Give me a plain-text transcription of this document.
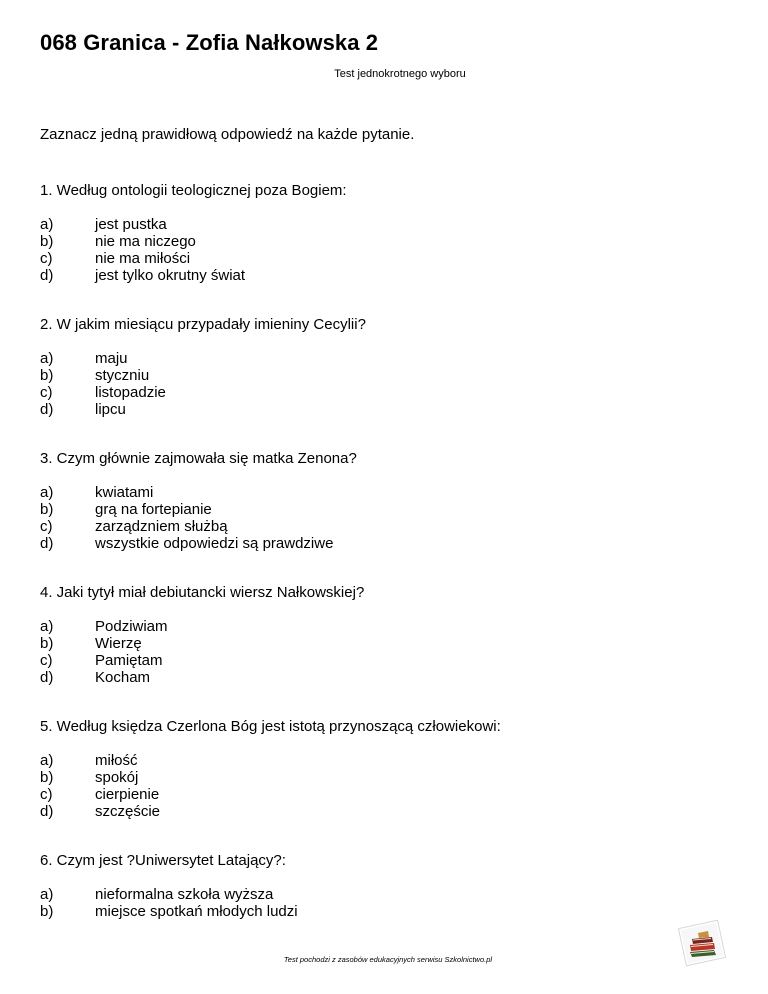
068 Granica - Zofia Nałkowska 2
Test jednokrotnego wyboru
Zaznacz jedną prawidłową odpowiedź na każde pytanie.
1. Według ontologii teologicznej poza Bogiem:
a)	jest pustka
b)	nie ma niczego
c)	nie ma miłości
d)	jest tylko okrutny świat
2. W jakim miesiącu przypadały imieniny Cecylii?
a)	maju
b)	styczniu
c)	listopadzie
d)	lipcu
3. Czym głównie zajmowała się matka Zenona?
a)	kwiatami
b)	grą na fortepianie
c)	zarządzniem służbą
d)	wszystkie odpowiedzi są prawdziwe
4. Jaki tytył miał debiutancki wiersz Nałkowskiej?
a)	Podziwiam
b)	Wierzę
c)	Pamiętam
d)	Kocham
5. Według księdza Czerlona Bóg jest istotą przynoszącą człowiekowi:
a)	miłość
b)	spokój
c)	cierpienie
d)	szczęście
6. Czym jest ?Uniwersytet Latający?:
a)	nieformalna szkoła wyższa
b)	miejsce spotkań młodych ludzi
Test pochodzi z zasobów edukacyjnych serwisu Szkolnictwo.pl
